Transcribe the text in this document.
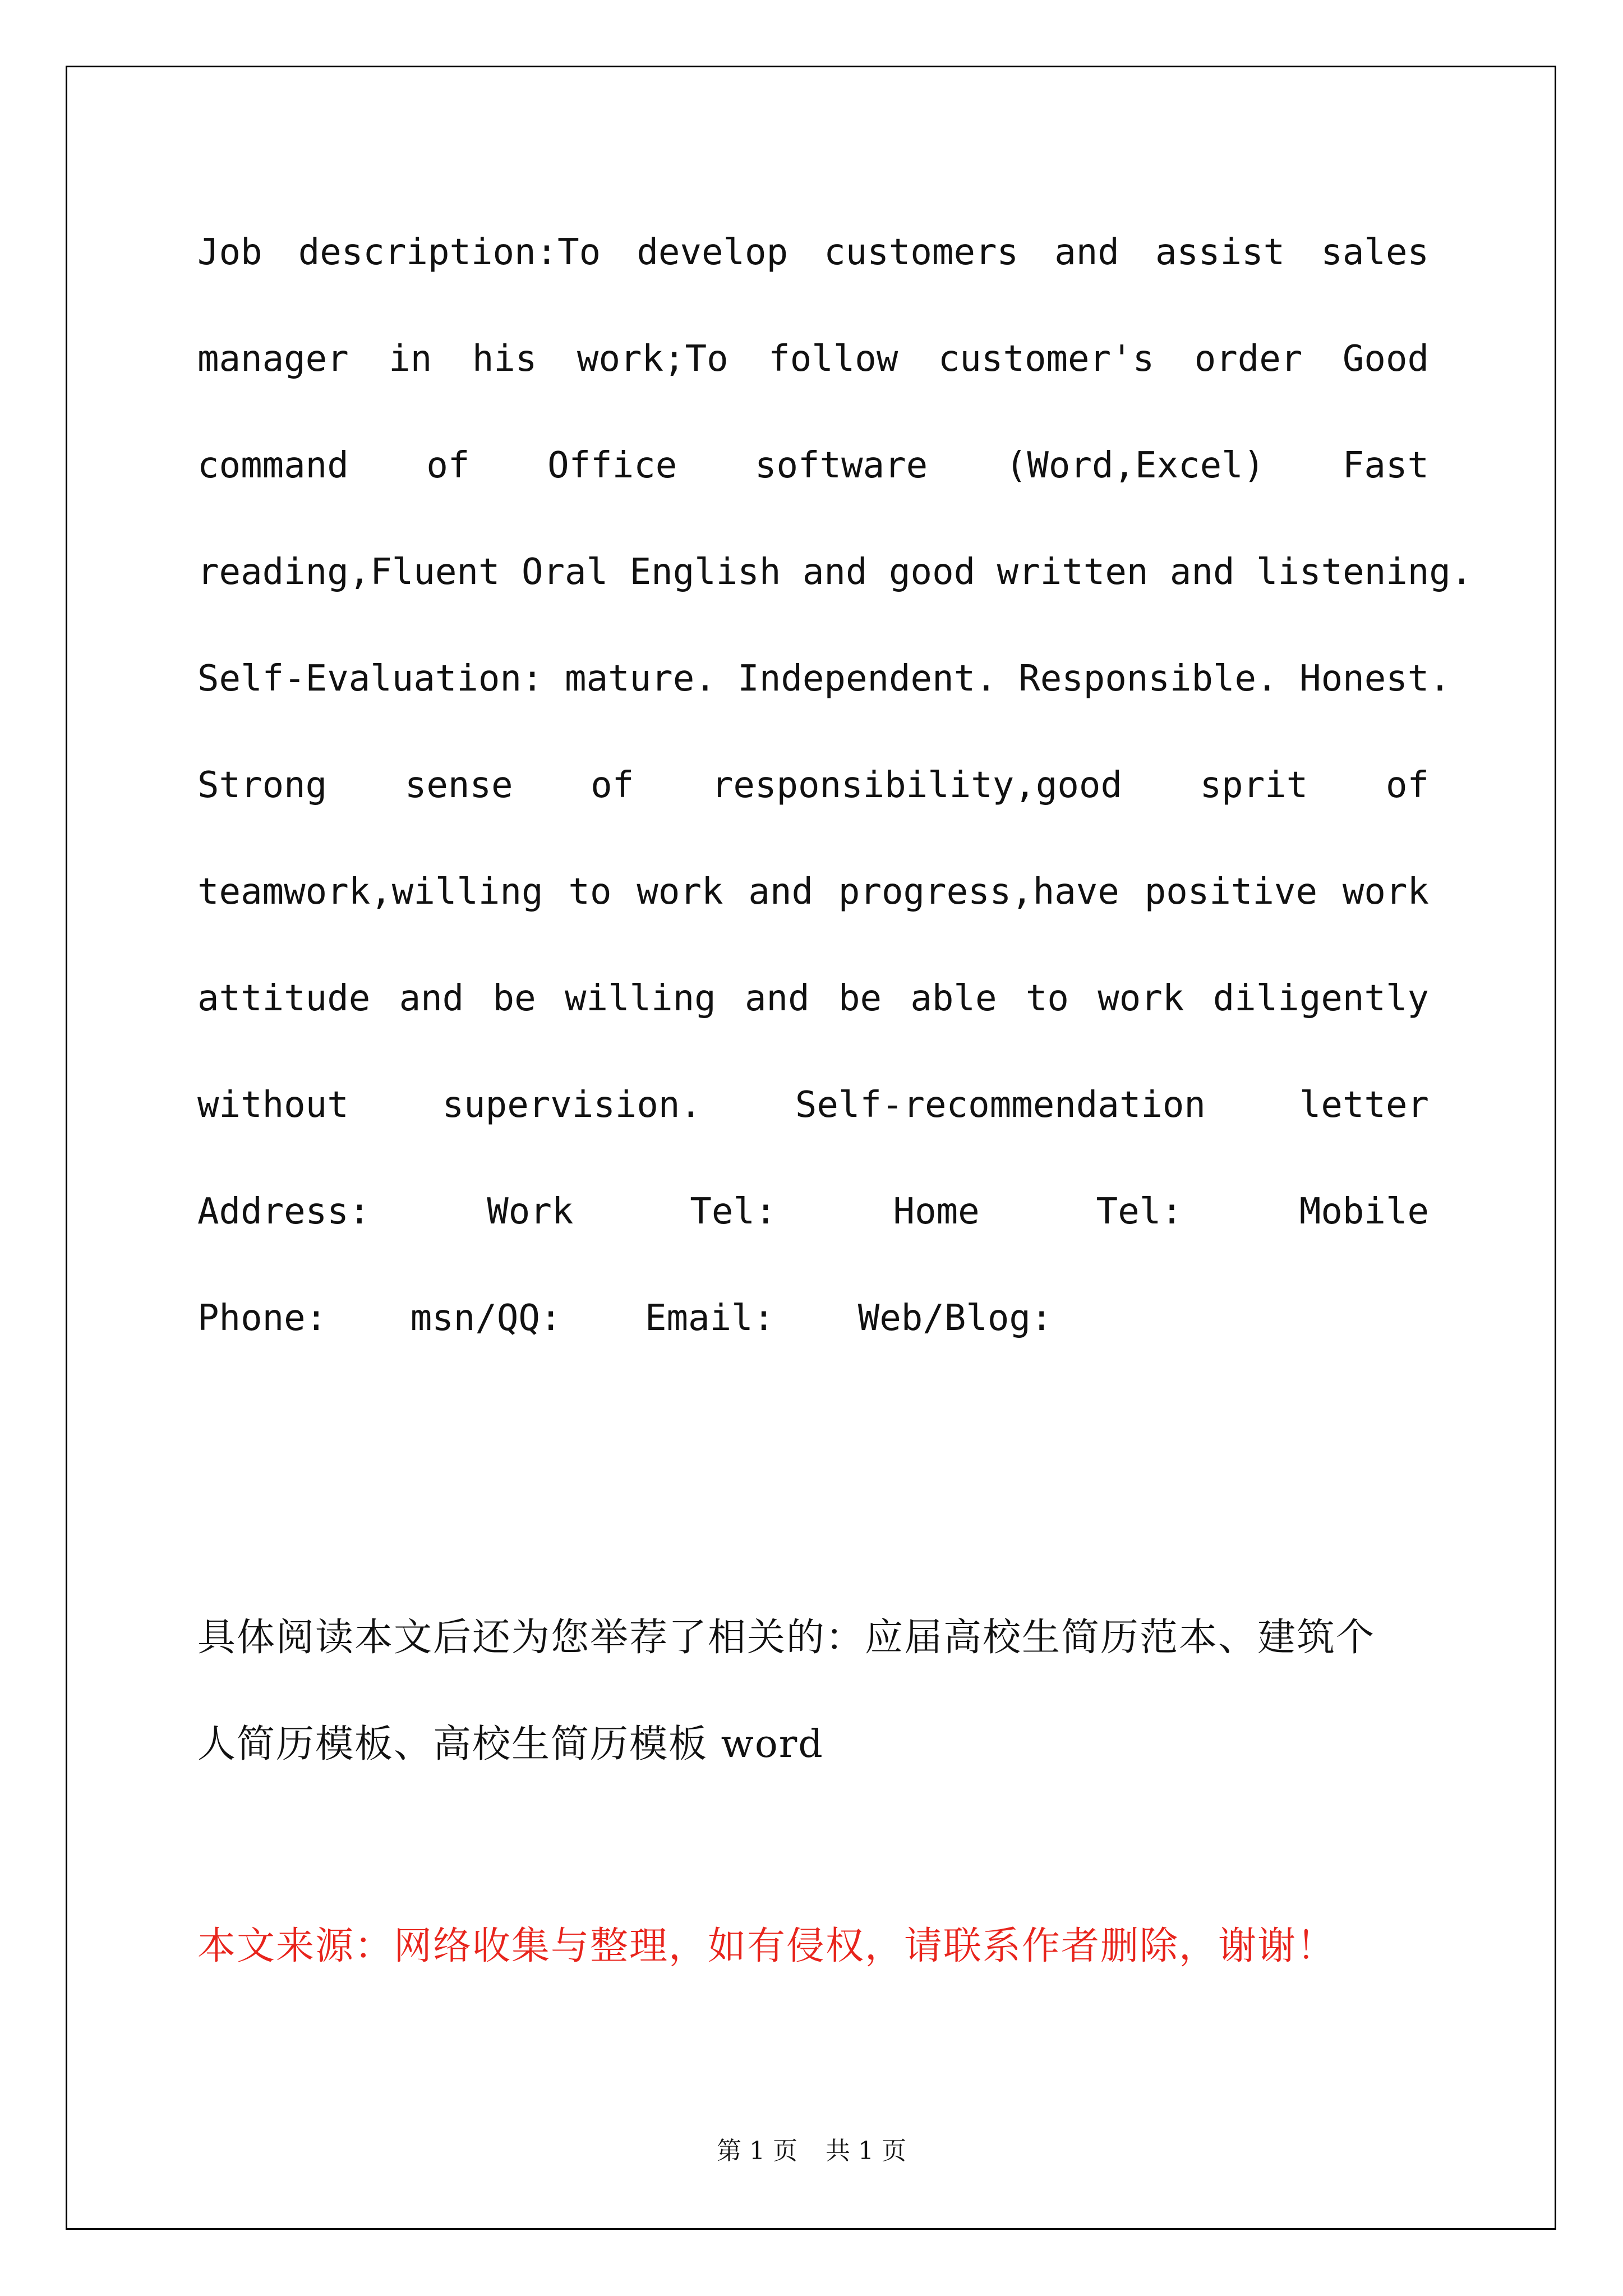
Job description:To develop customers and assist sales
manager in his work;To follow customer's order Good
command of Office software (Word,Excel) Fast
reading,Fluent Oral English and good written and listening.
Self-Evaluation: mature. Independent. Responsible. Honest.
Strong sense of responsibility,good sprit of
teamwork,willing to work and progress,have positive work
attitude and be willing and be able to work diligently
without supervision. Self-recommendation letter
Address: Work Tel: Home Tel: Mobile
Phone: msn/QQ: Email: Web/Blog:
具体阅读本文后还为您举荐了相关的：应届高校生简历范本、建筑个
人简历模板、高校生简历模板 word
本文来源：网络收集与整理，如有侵权，请联系作者删除，谢谢！
第 1 页 共 1 页
